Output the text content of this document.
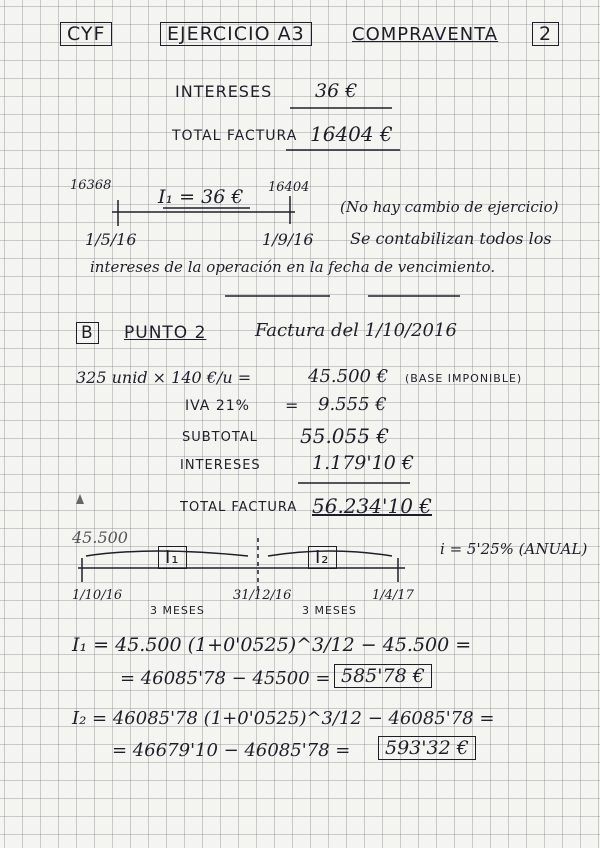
CYF	EJERCICIO A3	COMPRAVENTA	2
INTERESES 36 €
TOTAL FACTURA 16404 €
16368
I₁ = 36 € 16404
(No hay cambio de ejercicio)
1/5/16	1/9/16 Se contabilizan todos los
intereses de la operación en la fecha de vencimiento.
B PUNTO 2	Factura del 1/10/2016
325 unid × 140 €/u =	45.500 € (BASE IMPONIBLE)
IVA 21% = 9.555 €
SUBTOTAL 55.055 €
INTERESES	1.179'10 €
TOTAL FACTURA 56.234'10 €
45.500
I₁	I₂	i = 5'25% (ANUAL)
1/10/16	31/12/16	1/4/17
3 MESES	3 MESES
I₁ = 45.500 (1+0'0525)^3/12 − 45.500 =
= 46085'78 − 45500 = 585'78 €
I₂ = 46085'78 (1+0'0525)^3/12 − 46085'78 =
= 46679'10 − 46085'78 =	593'32 €
